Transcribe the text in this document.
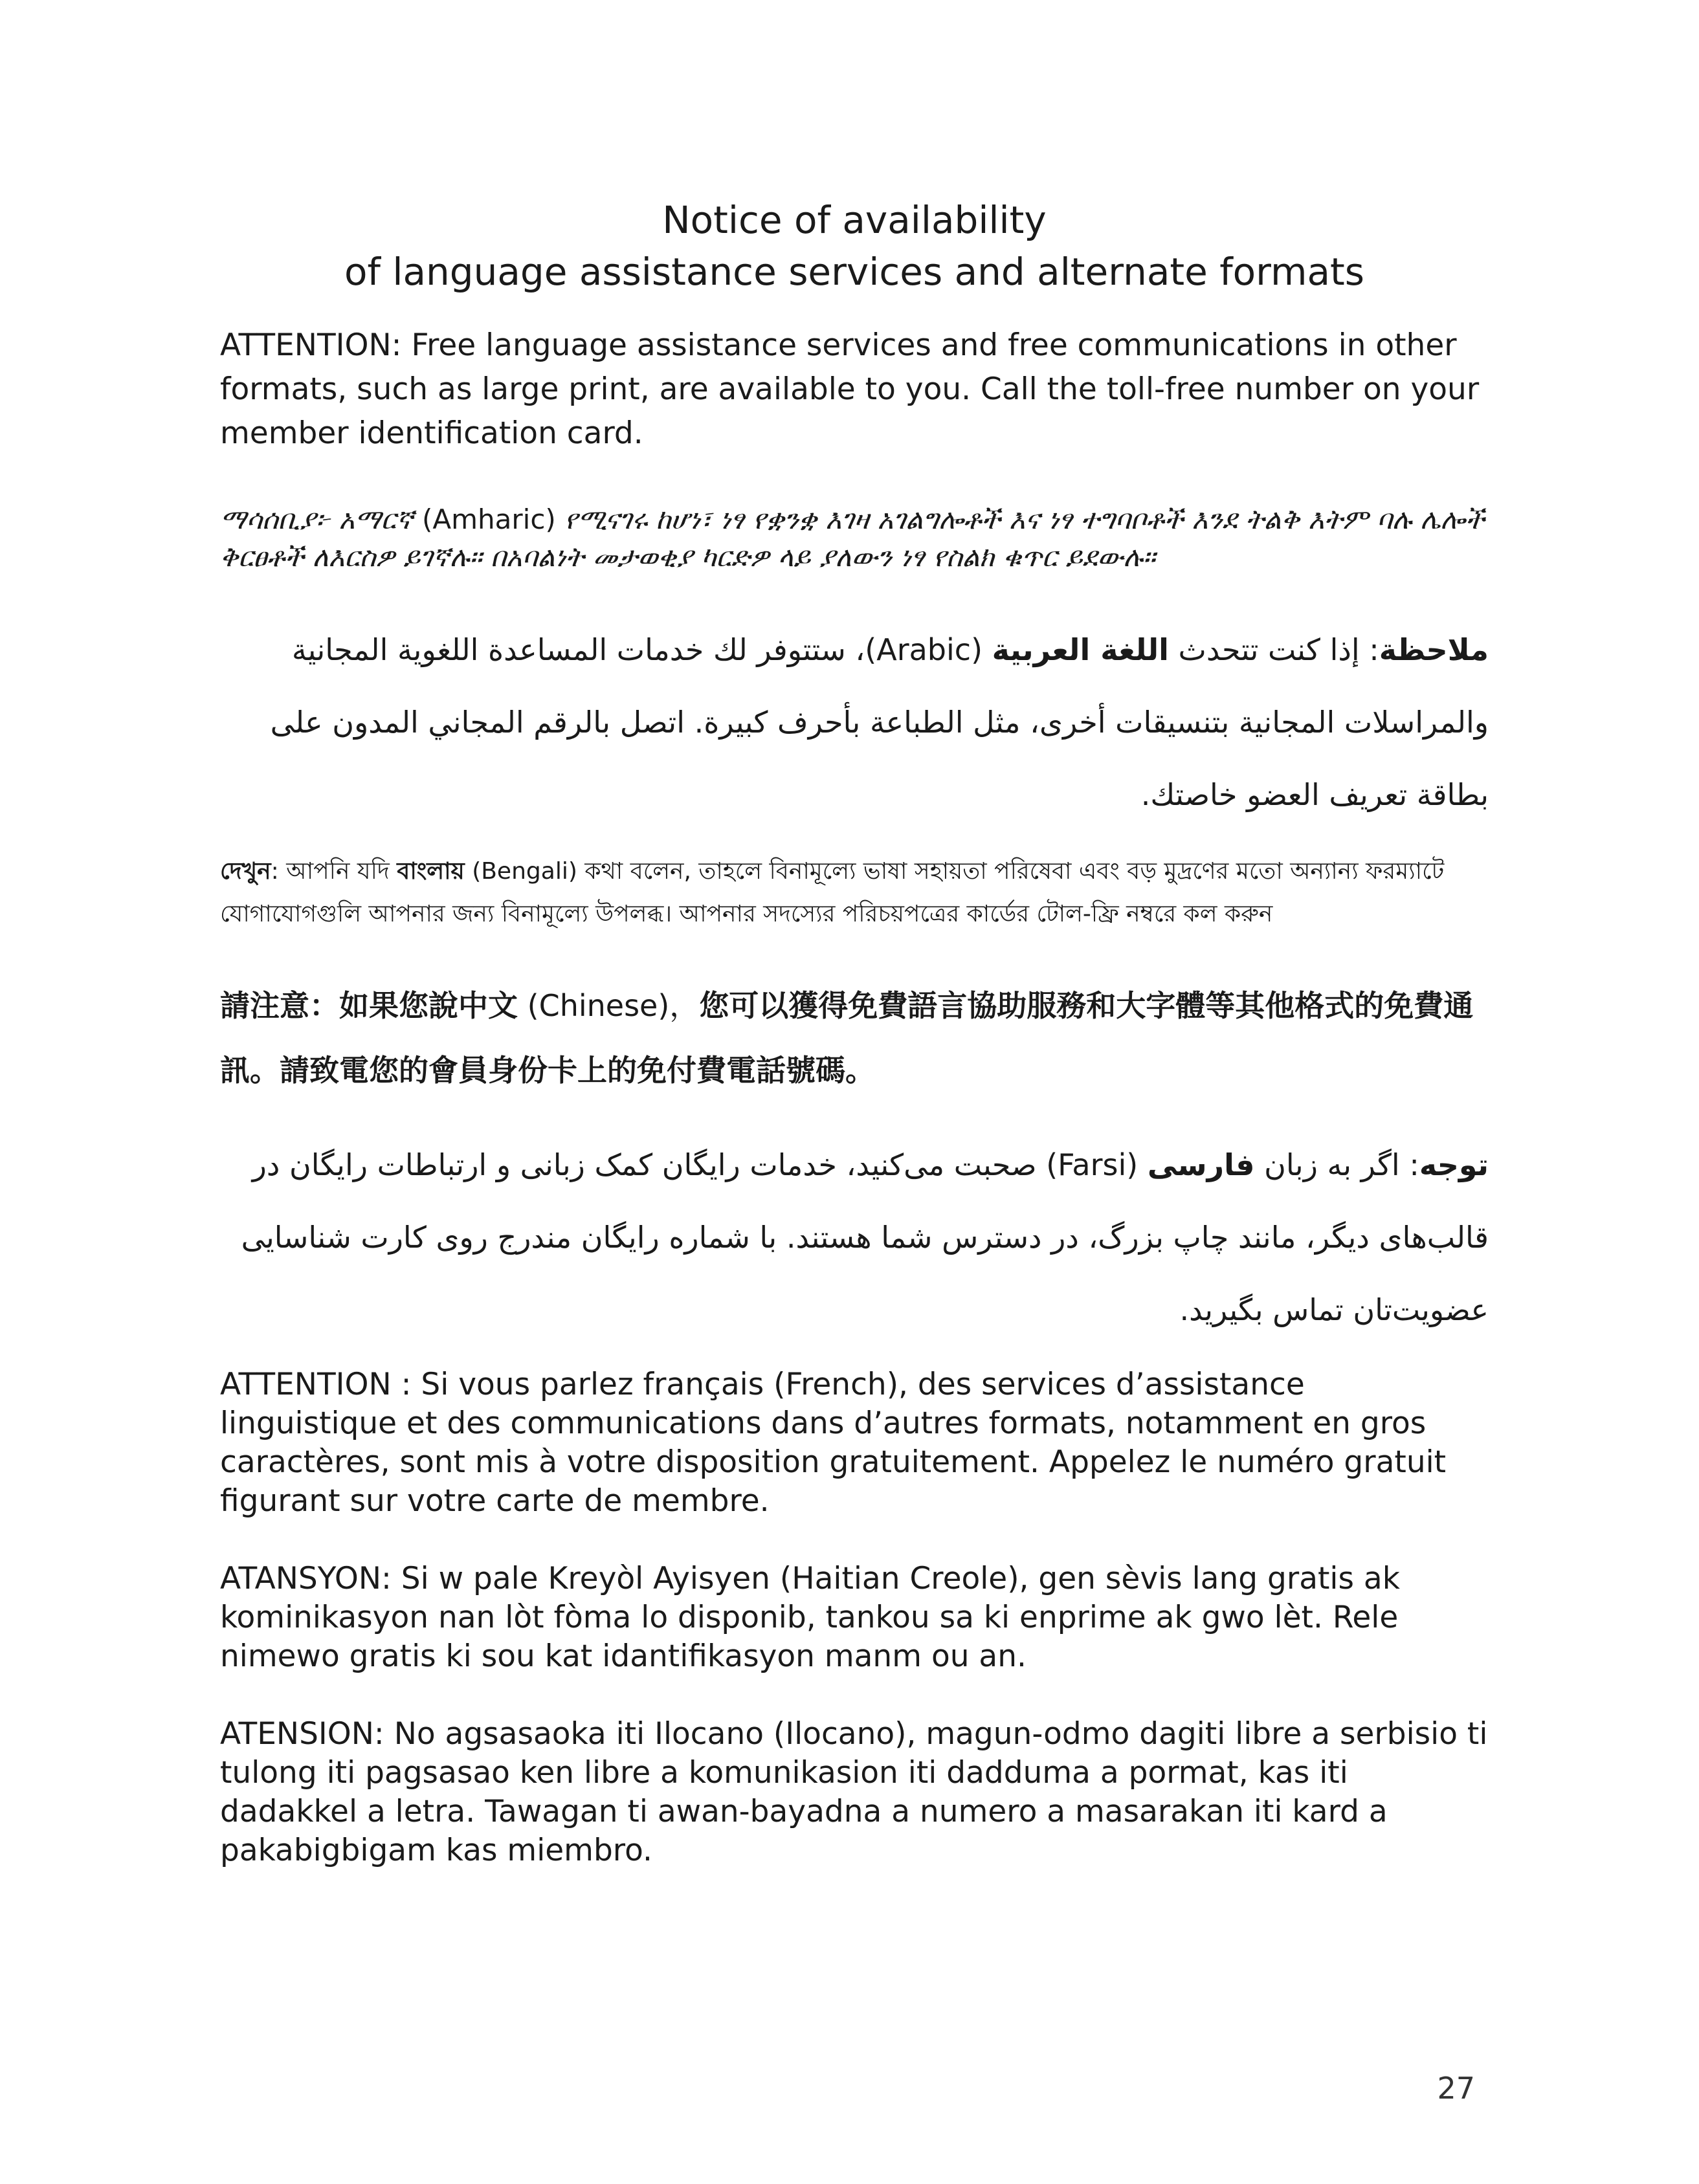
Notice of availability
of language assistance services and alternate formats

ATTENTION: Free language assistance services and free communications in other formats, such as large print, are available to you. Call the toll-free number on your member identification card.

ማሳሰቢያ፦ አማርኛ (Amharic) የሚናገሩ ከሆነ፣ ነፃ የቋንቋ እገዛ አገልግሎቶች እና ነፃ ተግባቦቶች እንደ ትልቅ እትም ባሉ ሌሎች ቅርፀቶች ለእርስዎ ይገኛሉ። በአባልነት መታወቂያ ካርድዎ ላይ ያለውን ነፃ የስልክ ቁጥር ይደውሉ።

ملاحظة: إذا كنت تتحدث اللغة العربية (Arabic)، ستتوفر لك خدمات المساعدة اللغوية المجانية والمراسلات المجانية بتنسيقات أخرى، مثل الطباعة بأحرف كبيرة. اتصل بالرقم المجاني المدون على بطاقة تعريف العضو خاصتك.

দেখুন: আপনি যদি বাংলায় (Bengali) কথা বলেন, তাহলে বিনামূল্যে ভাষা সহায়তা পরিষেবা এবং বড় মুদ্রণের মতো অন্যান্য ফরম্যাটে যোগাযোগগুলি আপনার জন্য বিনামূল্যে উপলব্ধ। আপনার সদস্যের পরিচয়পত্রের কার্ডের টোল-ফ্রি নম্বরে কল করুন

請注意：如果您說中文 (Chinese)，您可以獲得免費語言協助服務和大字體等其他格式的免費通訊。請致電您的會員身份卡上的免付費電話號碼。

توجه: اگر به زبان فارسی (Farsi) صحبت می‌کنید، خدمات رایگان کمک زبانی و ارتباطات رایگان در قالب‌های دیگر، مانند چاپ بزرگ، در دسترس شما هستند. با شماره رایگان مندرج روی کارت شناسایی عضویت‌تان تماس بگیرید.

ATTENTION : Si vous parlez français (French), des services d’assistance linguistique et des communications dans d’autres formats, notamment en gros caractères, sont mis à votre disposition gratuitement. Appelez le numéro gratuit figurant sur votre carte de membre.

ATANSYON: Si w pale Kreyòl Ayisyen (Haitian Creole), gen sèvis lang gratis ak kominikasyon nan lòt fòma lo disponib, tankou sa ki enprime ak gwo lèt. Rele nimewo gratis ki sou kat idantifikasyon manm ou an.

ATENSION: No agsasaoka iti Ilocano (Ilocano), magun-odmo dagiti libre a serbisio ti tulong iti pagsasao ken libre a komunikasion iti dadduma a pormat, kas iti dadakkel a letra. Tawagan ti awan-bayadna a numero a masarakan iti kard a pakabigbigam kas miembro.

27
